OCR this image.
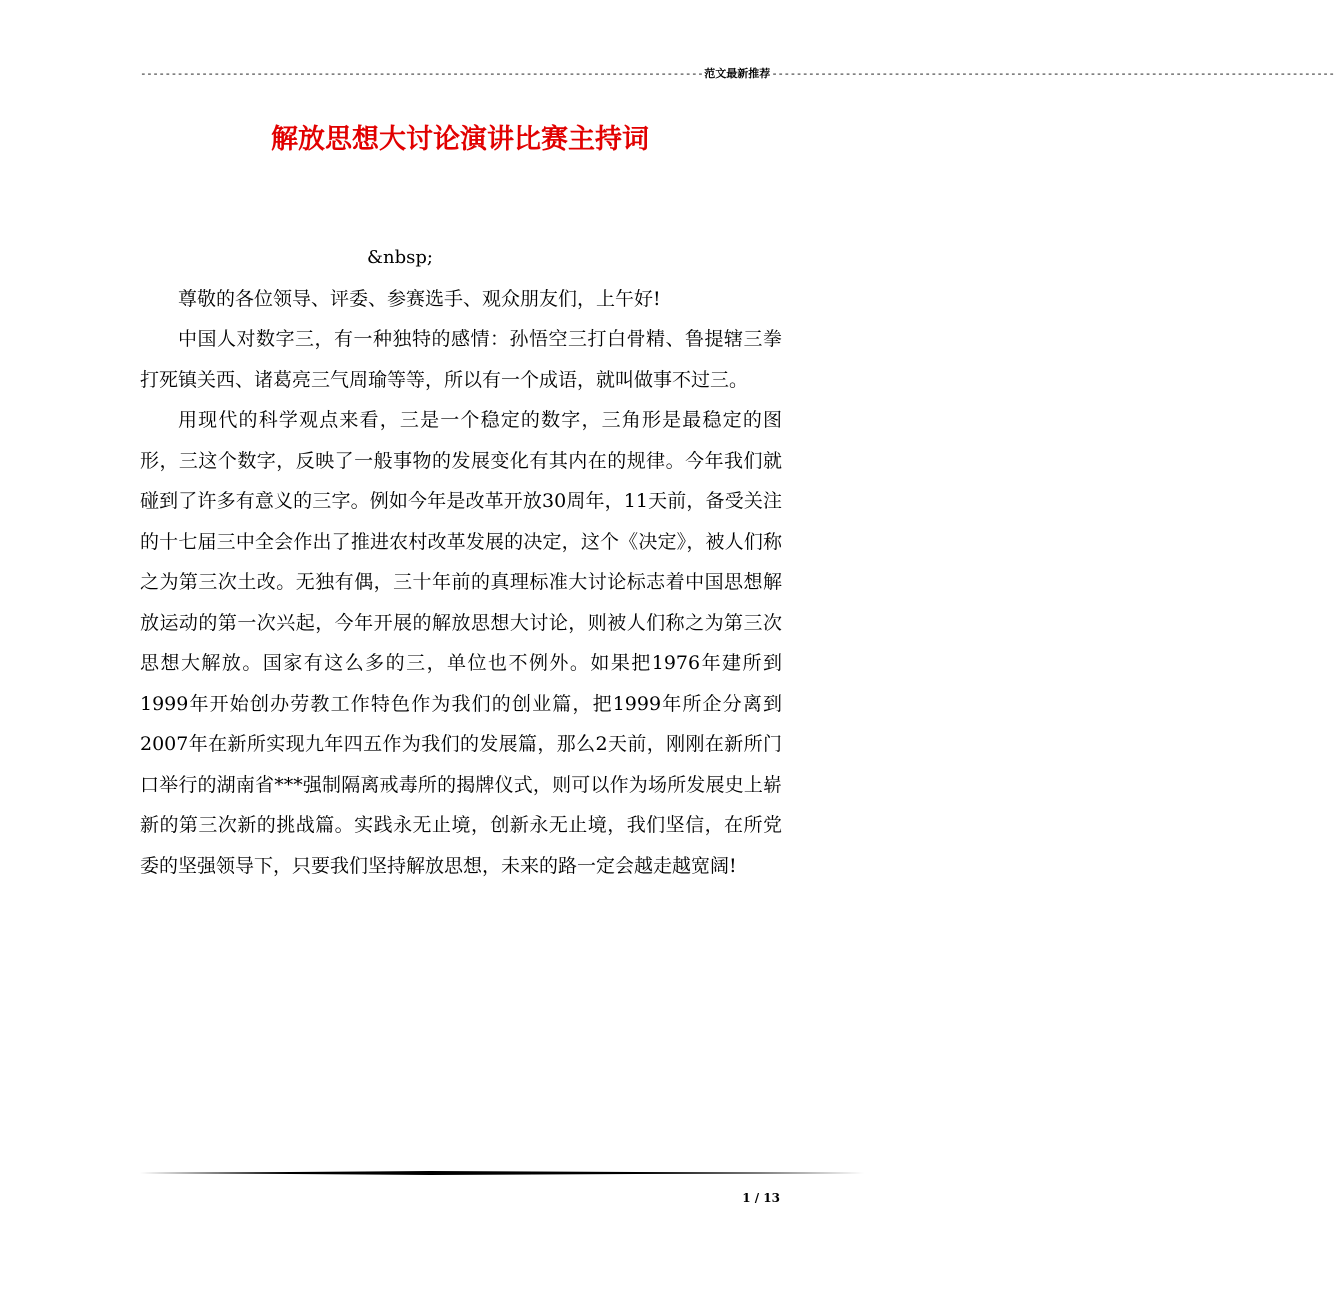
-------------------------------------------------------------------------------------------- 范文最新推荐 --------------------------------------------------------------------------------------------
解放思想大讨论演讲比赛主持词

&nbsp;

尊敬的各位领导、评委、参赛选手、观众朋友们，上午好!

中国人对数字三，有一种独特的感情：孙悟空三打白骨精、鲁提辖三拳打死镇关西、诸葛亮三气周瑜等等，所以有一个成语，就叫做事不过三。

用现代的科学观点来看，三是一个稳定的数字，三角形是最稳定的图形，三这个数字，反映了一般事物的发展变化有其内在的规律。今年我们就碰到了许多有意义的三字。例如今年是改革开放30周年，11天前，备受关注的十七届三中全会作出了推进农村改革发展的决定，这个《决定》，被人们称之为第三次土改。无独有偶，三十年前的真理标准大讨论标志着中国思想解放运动的第一次兴起，今年开展的解放思想大讨论，则被人们称之为第三次思想大解放。国家有这么多的三，单位也不例外。如果把1976年建所到1999年开始创办劳教工作特色作为我们的创业篇，把1999年所企分离到2007年在新所实现九年四五作为我们的发展篇，那么2天前，刚刚在新所门口举行的湖南省***强制隔离戒毒所的揭牌仪式，则可以作为场所发展史上崭新的第三次新的挑战篇。实践永无止境，创新永无止境，我们坚信，在所党委的坚强领导下，只要我们坚持解放思想，未来的路一定会越走越宽阔!

1 / 13
